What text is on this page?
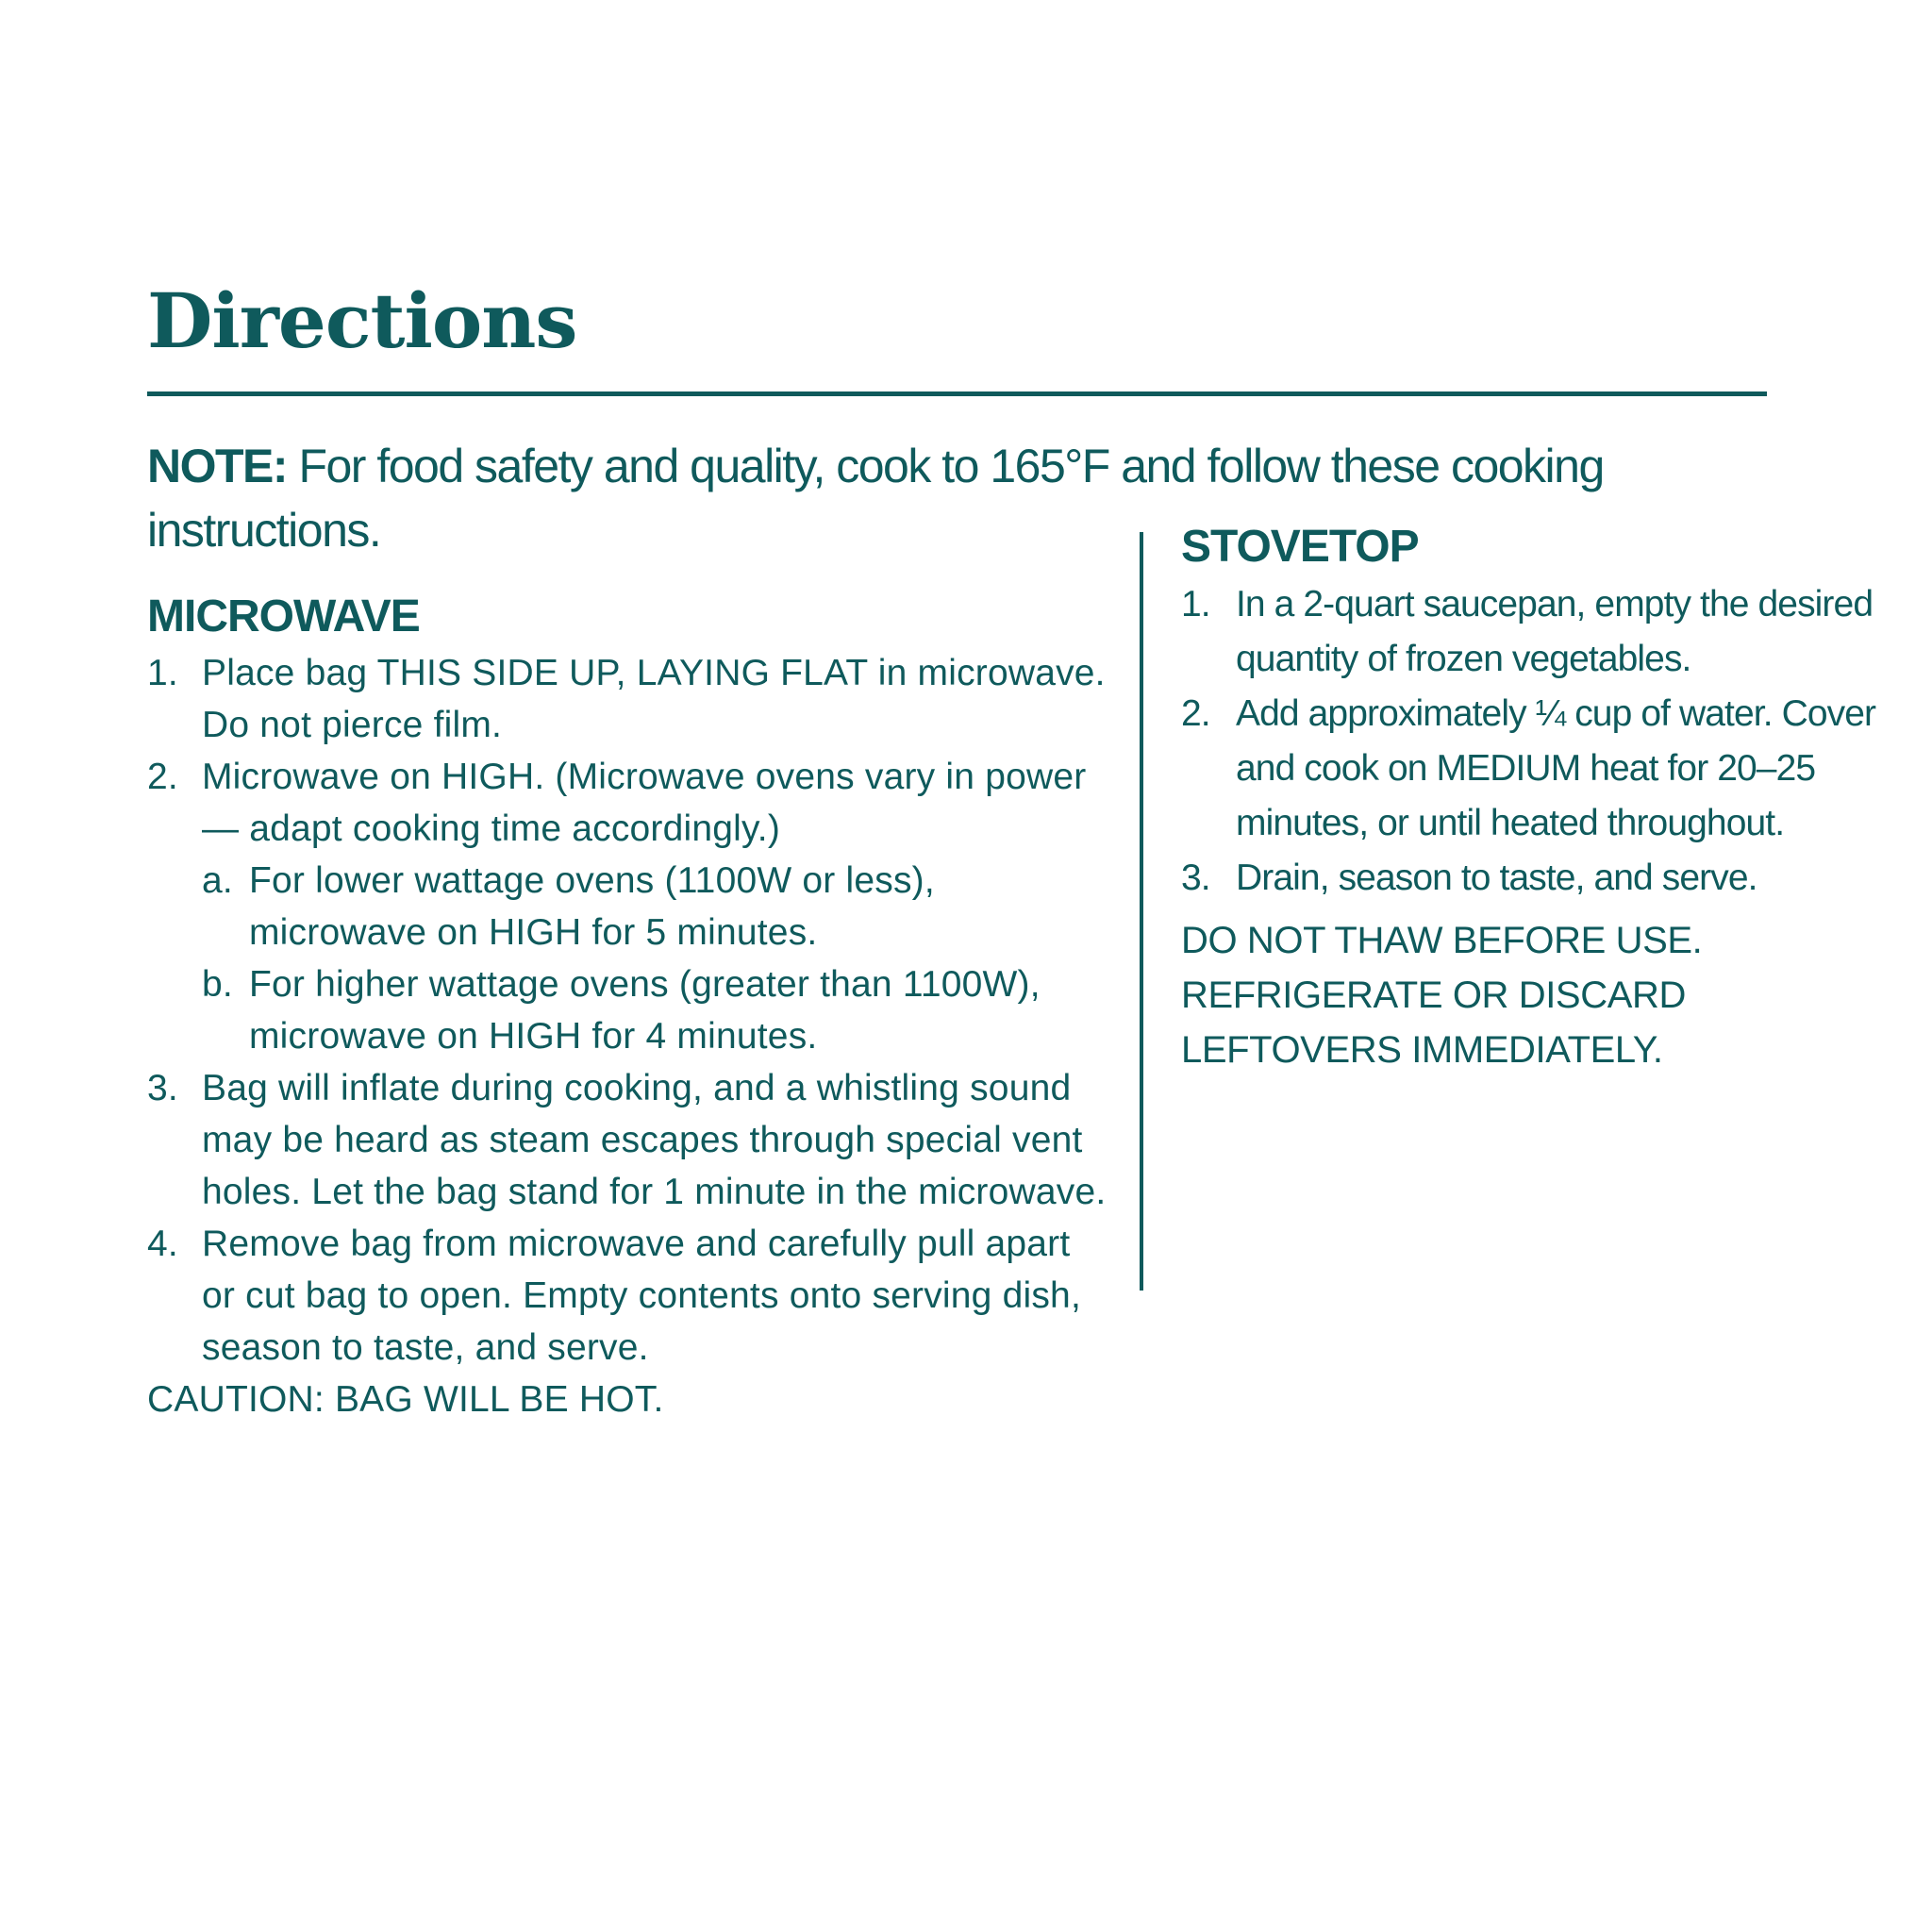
Directions

NOTE: For food safety and quality, cook to 165°F and follow these cooking instructions.

MICROWAVE
1. Place bag THIS SIDE UP, LAYING FLAT in microwave. Do not pierce film.
2. Microwave on HIGH. (Microwave ovens vary in power — adapt cooking time accordingly.)
a. For lower wattage ovens (1100W or less), microwave on HIGH for 5 minutes.
b. For higher wattage ovens (greater than 1100W), microwave on HIGH for 4 minutes.
3. Bag will inflate during cooking, and a whistling sound may be heard as steam escapes through special vent holes. Let the bag stand for 1 minute in the microwave.
4. Remove bag from microwave and carefully pull apart or cut bag to open. Empty contents onto serving dish, season to taste, and serve.

CAUTION: BAG WILL BE HOT.

STOVETOP
1. In a 2-quart saucepan, empty the desired quantity of frozen vegetables.
2. Add approximately ¼ cup of water. Cover and cook on MEDIUM heat for 20–25 minutes, or until heated throughout.
3. Drain, season to taste, and serve.

DO NOT THAW BEFORE USE.
REFRIGERATE OR DISCARD
LEFTOVERS IMMEDIATELY.
